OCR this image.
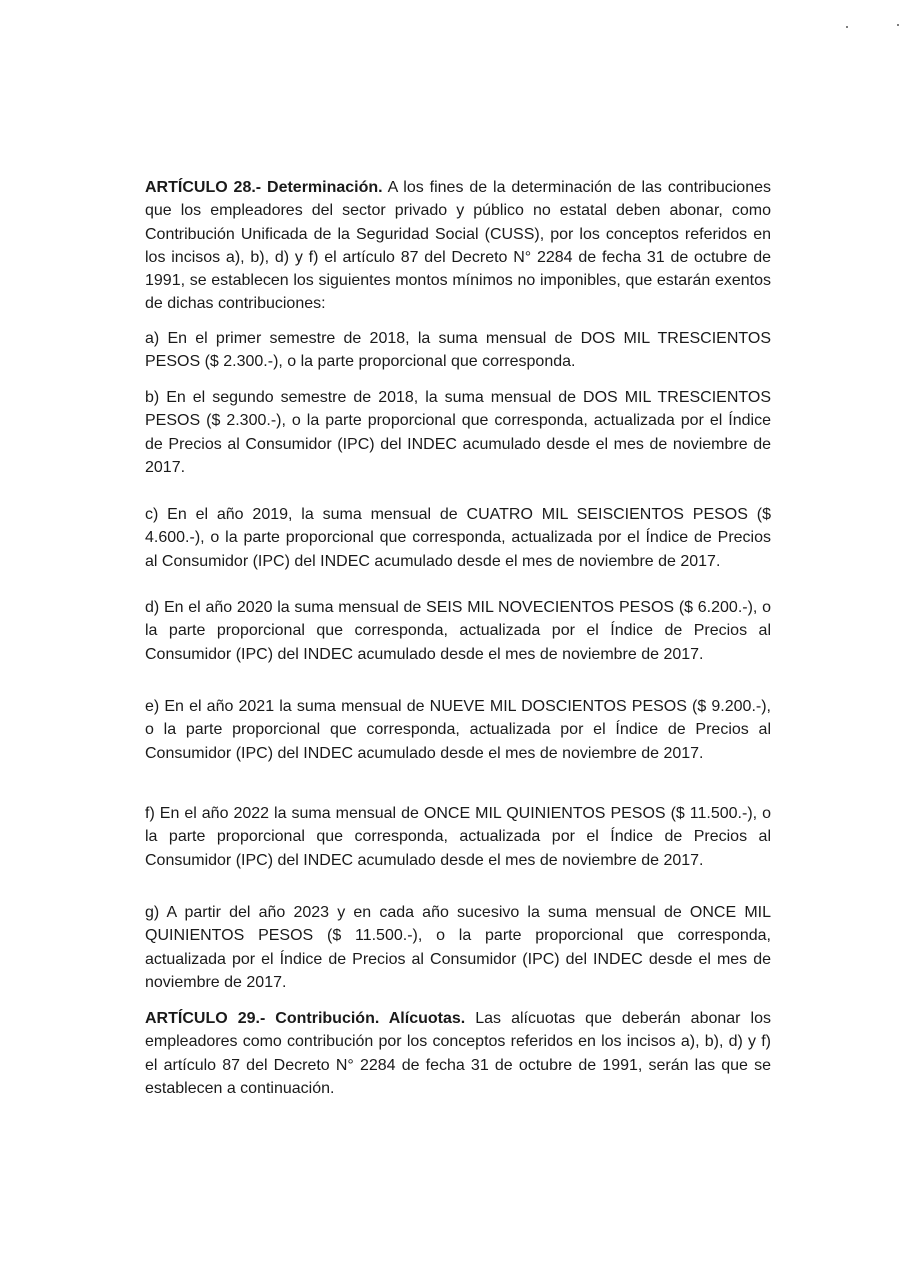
ARTÍCULO 28.- Determinación. A los fines de la determinación de las contribuciones que los empleadores del sector privado y público no estatal deben abonar, como Contribución Unificada de la Seguridad Social (CUSS), por los conceptos referidos en los incisos a), b), d) y f) el artículo 87 del Decreto N° 2284 de fecha 31 de octubre de 1991, se establecen los siguientes montos mínimos no imponibles, que estarán exentos de dichas contribuciones:

a) En el primer semestre de 2018, la suma mensual de DOS MIL TRESCIENTOS PESOS ($ 2.300.-), o la parte proporcional que corresponda.

b) En el segundo semestre de 2018, la suma mensual de DOS MIL TRESCIENTOS PESOS ($ 2.300.-), o la parte proporcional que corresponda, actualizada por el Índice de Precios al Consumidor (IPC) del INDEC acumulado desde el mes de noviembre de 2017.

c) En el año 2019, la suma mensual de CUATRO MIL SEISCIENTOS PESOS ($ 4.600.-), o la parte proporcional que corresponda, actualizada por el Índice de Precios al Consumidor (IPC) del INDEC acumulado desde el mes de noviembre de 2017.

d) En el año 2020 la suma mensual de SEIS MIL NOVECIENTOS PESOS ($ 6.200.-), o la parte proporcional que corresponda, actualizada por el Índice de Precios al Consumidor (IPC) del INDEC acumulado desde el mes de noviembre de 2017.

e) En el año 2021 la suma mensual de NUEVE MIL DOSCIENTOS PESOS ($ 9.200.-), o la parte proporcional que corresponda, actualizada por el Índice de Precios al Consumidor (IPC) del INDEC acumulado desde el mes de noviembre de 2017.

f) En el año 2022 la suma mensual de ONCE MIL QUINIENTOS PESOS ($ 11.500.-), o la parte proporcional que corresponda, actualizada por el Índice de Precios al Consumidor (IPC) del INDEC acumulado desde el mes de noviembre de 2017.

g) A partir del año 2023 y en cada año sucesivo la suma mensual de ONCE MIL QUINIENTOS PESOS ($ 11.500.-), o la parte proporcional que corresponda, actualizada por el Índice de Precios al Consumidor (IPC) del INDEC desde el mes de noviembre de 2017.

ARTÍCULO 29.- Contribución. Alícuotas. Las alícuotas que deberán abonar los empleadores como contribución por los conceptos referidos en los incisos a), b), d) y f) el artículo 87 del Decreto N° 2284 de fecha 31 de octubre de 1991, serán las que se establecen a continuación.
